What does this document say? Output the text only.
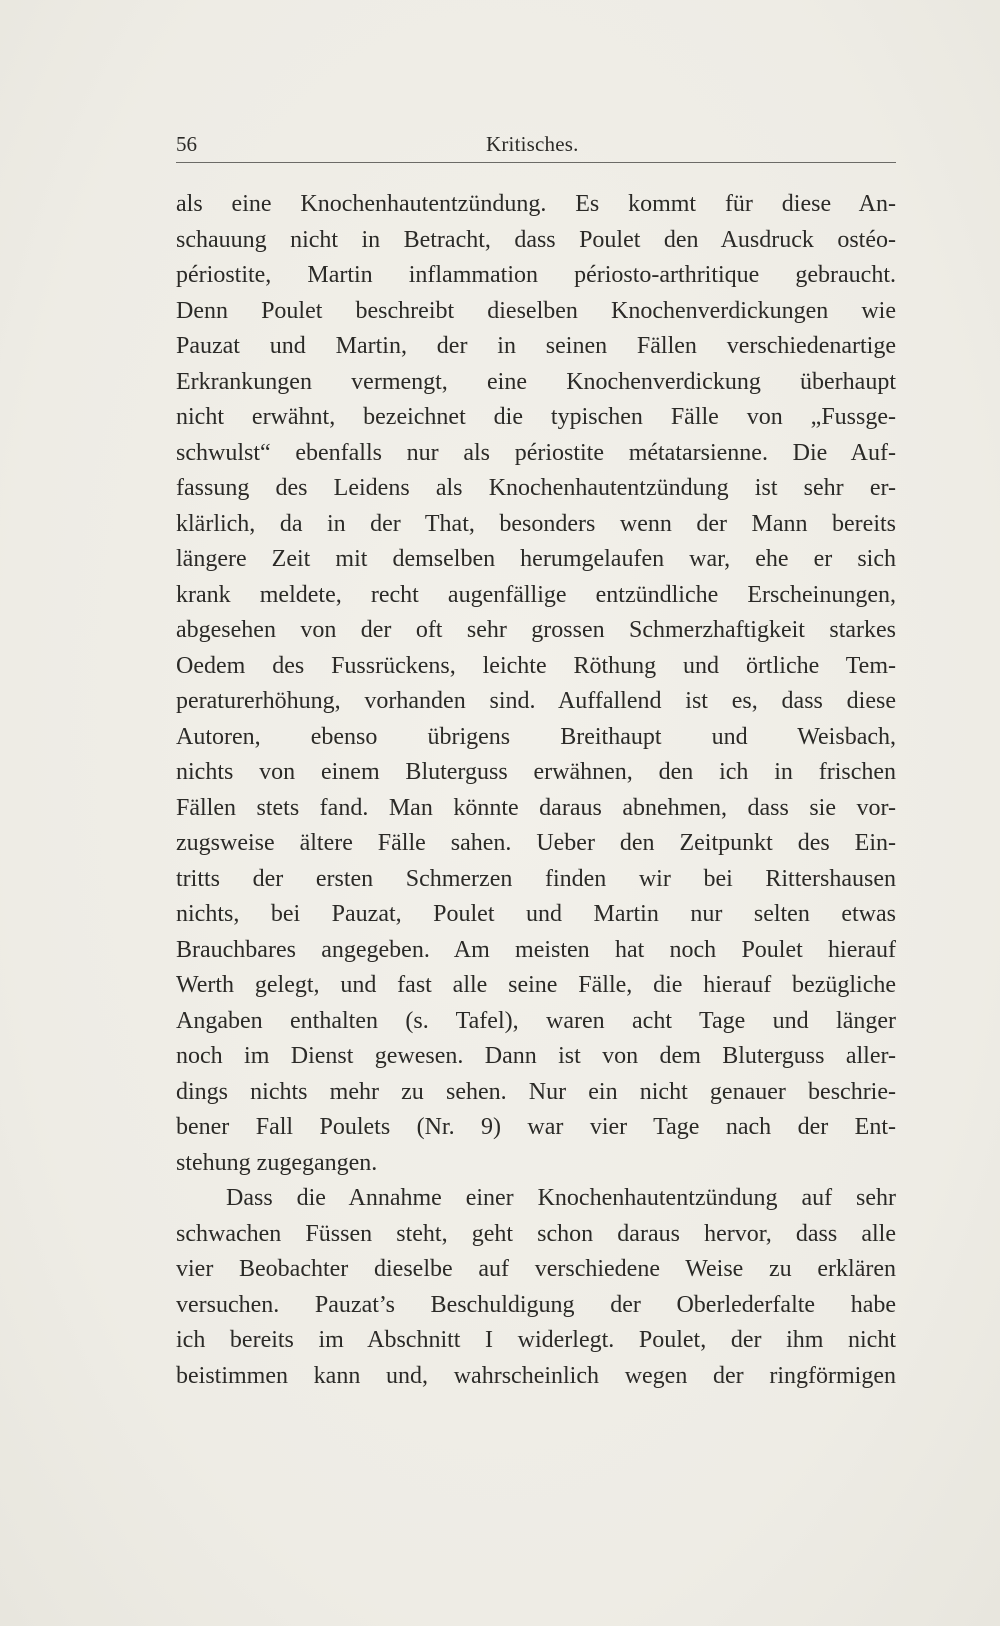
56	Kritisches.
als eine Knochenhautentzündung. Es kommt für diese An-
schauung nicht in Betracht, dass Poulet den Ausdruck ostéo-
périostite, Martin inflammation périosto-arthritique gebraucht.
Denn Poulet beschreibt dieselben Knochenverdickungen wie
Pauzat und Martin, der in seinen Fällen verschiedenartige
Erkrankungen vermengt, eine Knochenverdickung überhaupt
nicht erwähnt, bezeichnet die typischen Fälle von „Fussge-
schwulst“ ebenfalls nur als périostite métatarsienne. Die Auf-
fassung des Leidens als Knochenhautentzündung ist sehr er-
klärlich, da in der That, besonders wenn der Mann bereits
längere Zeit mit demselben herumgelaufen war, ehe er sich
krank meldete, recht augenfällige entzündliche Erscheinungen,
abgesehen von der oft sehr grossen Schmerzhaftigkeit starkes
Oedem des Fussrückens, leichte Röthung und örtliche Tem-
peraturerhöhung, vorhanden sind. Auffallend ist es, dass diese
Autoren, ebenso übrigens Breithaupt und Weisbach,
nichts von einem Bluterguss erwähnen, den ich in frischen
Fällen stets fand. Man könnte daraus abnehmen, dass sie vor-
zugsweise ältere Fälle sahen. Ueber den Zeitpunkt des Ein-
tritts der ersten Schmerzen finden wir bei Rittershausen
nichts, bei Pauzat, Poulet und Martin nur selten etwas
Brauchbares angegeben. Am meisten hat noch Poulet hierauf
Werth gelegt, und fast alle seine Fälle, die hierauf bezügliche
Angaben enthalten (s. Tafel), waren acht Tage und länger
noch im Dienst gewesen. Dann ist von dem Bluterguss aller-
dings nichts mehr zu sehen. Nur ein nicht genauer beschrie-
bener Fall Poulets (Nr. 9) war vier Tage nach der Ent-
stehung zugegangen.
Dass die Annahme einer Knochenhautentzündung auf sehr
schwachen Füssen steht, geht schon daraus hervor, dass alle
vier Beobachter dieselbe auf verschiedene Weise zu erklären
versuchen. Pauzat’s Beschuldigung der Oberlederfalte habe
ich bereits im Abschnitt I widerlegt. Poulet, der ihm nicht
beistimmen kann und, wahrscheinlich wegen der ringförmigen
